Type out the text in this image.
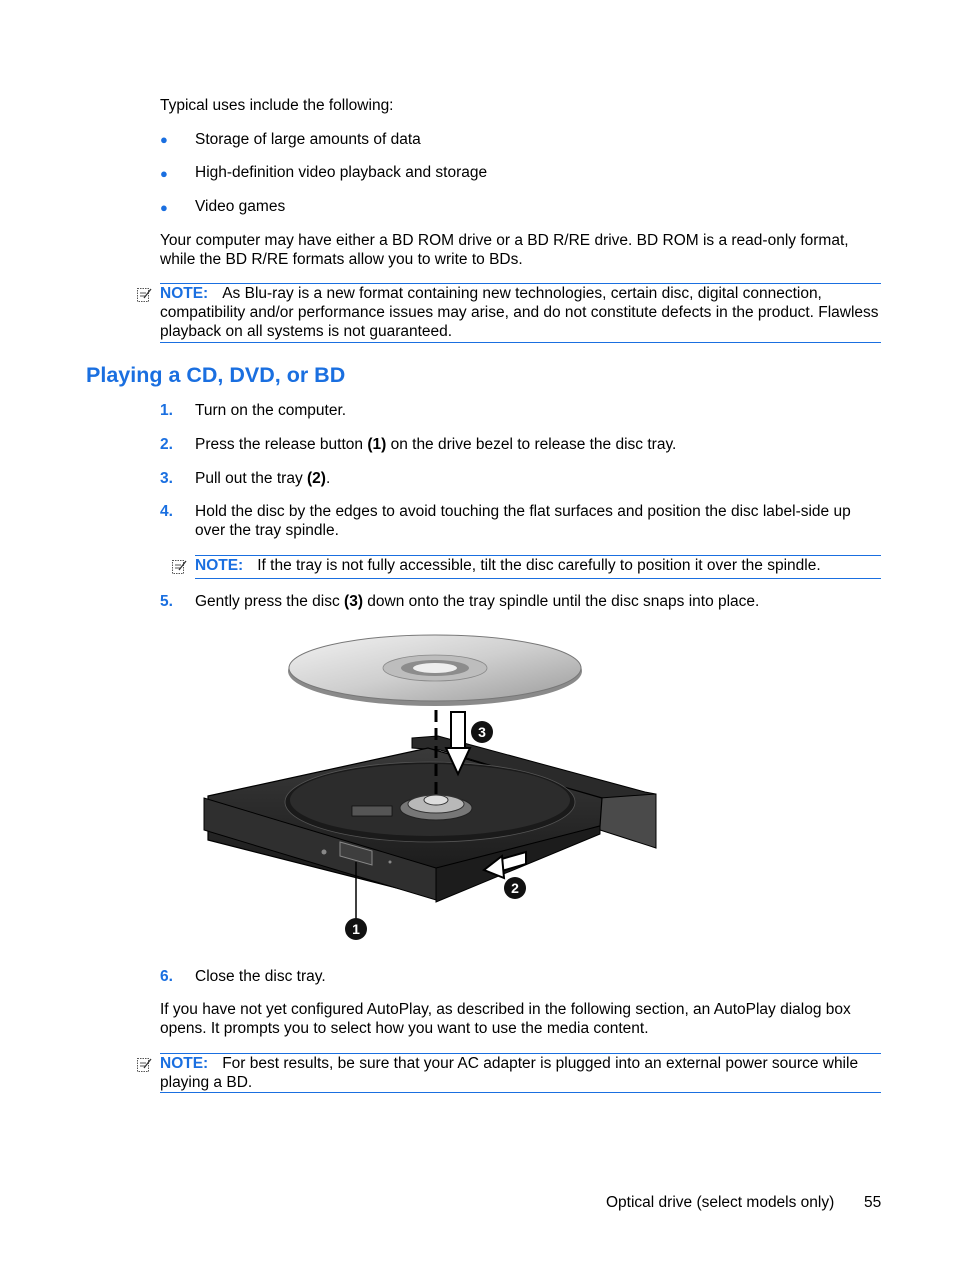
Typical uses include the following:
● Storage of large amounts of data
● High-definition video playback and storage
● Video games
Your computer may have either a BD ROM drive or a BD R/RE drive. BD ROM is a read-only format, while the BD R/RE formats allow you to write to BDs.
NOTE: As Blu-ray is a new format containing new technologies, certain disc, digital connection, compatibility and/or performance issues may arise, and do not constitute defects in the product. Flawless playback on all systems is not guaranteed.
Playing a CD, DVD, or BD
1. Turn on the computer.
2. Press the release button (1) on the drive bezel to release the disc tray.
3. Pull out the tray (2).
4. Hold the disc by the edges to avoid touching the flat surfaces and position the disc label-side up over the tray spindle.
NOTE: If the tray is not fully accessible, tilt the disc carefully to position it over the spindle.
5. Gently press the disc (3) down onto the tray spindle until the disc snaps into place.
3
2
1
6. Close the disc tray.
If you have not yet configured AutoPlay, as described in the following section, an AutoPlay dialog box opens. It prompts you to select how you want to use the media content.
NOTE: For best results, be sure that your AC adapter is plugged into an external power source while playing a BD.
Optical drive (select models only) 55
